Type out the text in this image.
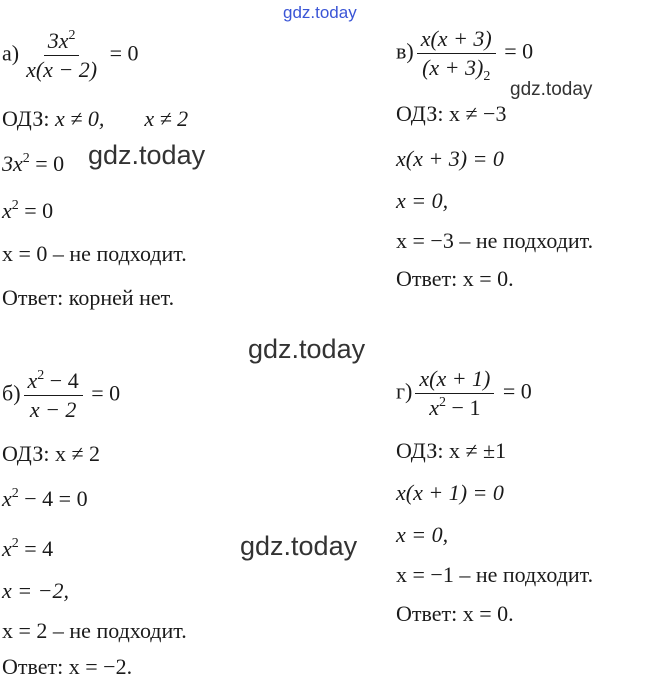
gdz.today
gdz.today
gdz.today
gdz.today
gdz.today
$а) \frac{3x^2}{x(x - 2)} = 0$
ОДЗ: x ≠ 0, x ≠ 2
$3x^2 = 0$
$x^2 = 0$
x = 0 – не подходит.
Ответ: корней нет.
$в) \frac{x(x + 3)}{(x + 3)_2} = 0$
ОДЗ: x ≠ −3
x(x + 3) = 0
x = 0,
x = −3 – не подходит.
Ответ: x = 0.
$б) \frac{x^2 - 4}{x - 2} = 0$
ОДЗ: x ≠ 2
$x^2 - 4 = 0$
$x^2 = 4$
x = −2,
x = 2 – не подходит.
Ответ: x = −2.
$г) \frac{x(x + 1)}{x^2 - 1} = 0$
ОДЗ: x ≠ ±1
x(x + 1) = 0
x = 0,
x = −1 – не подходит.
Ответ: x = 0.
